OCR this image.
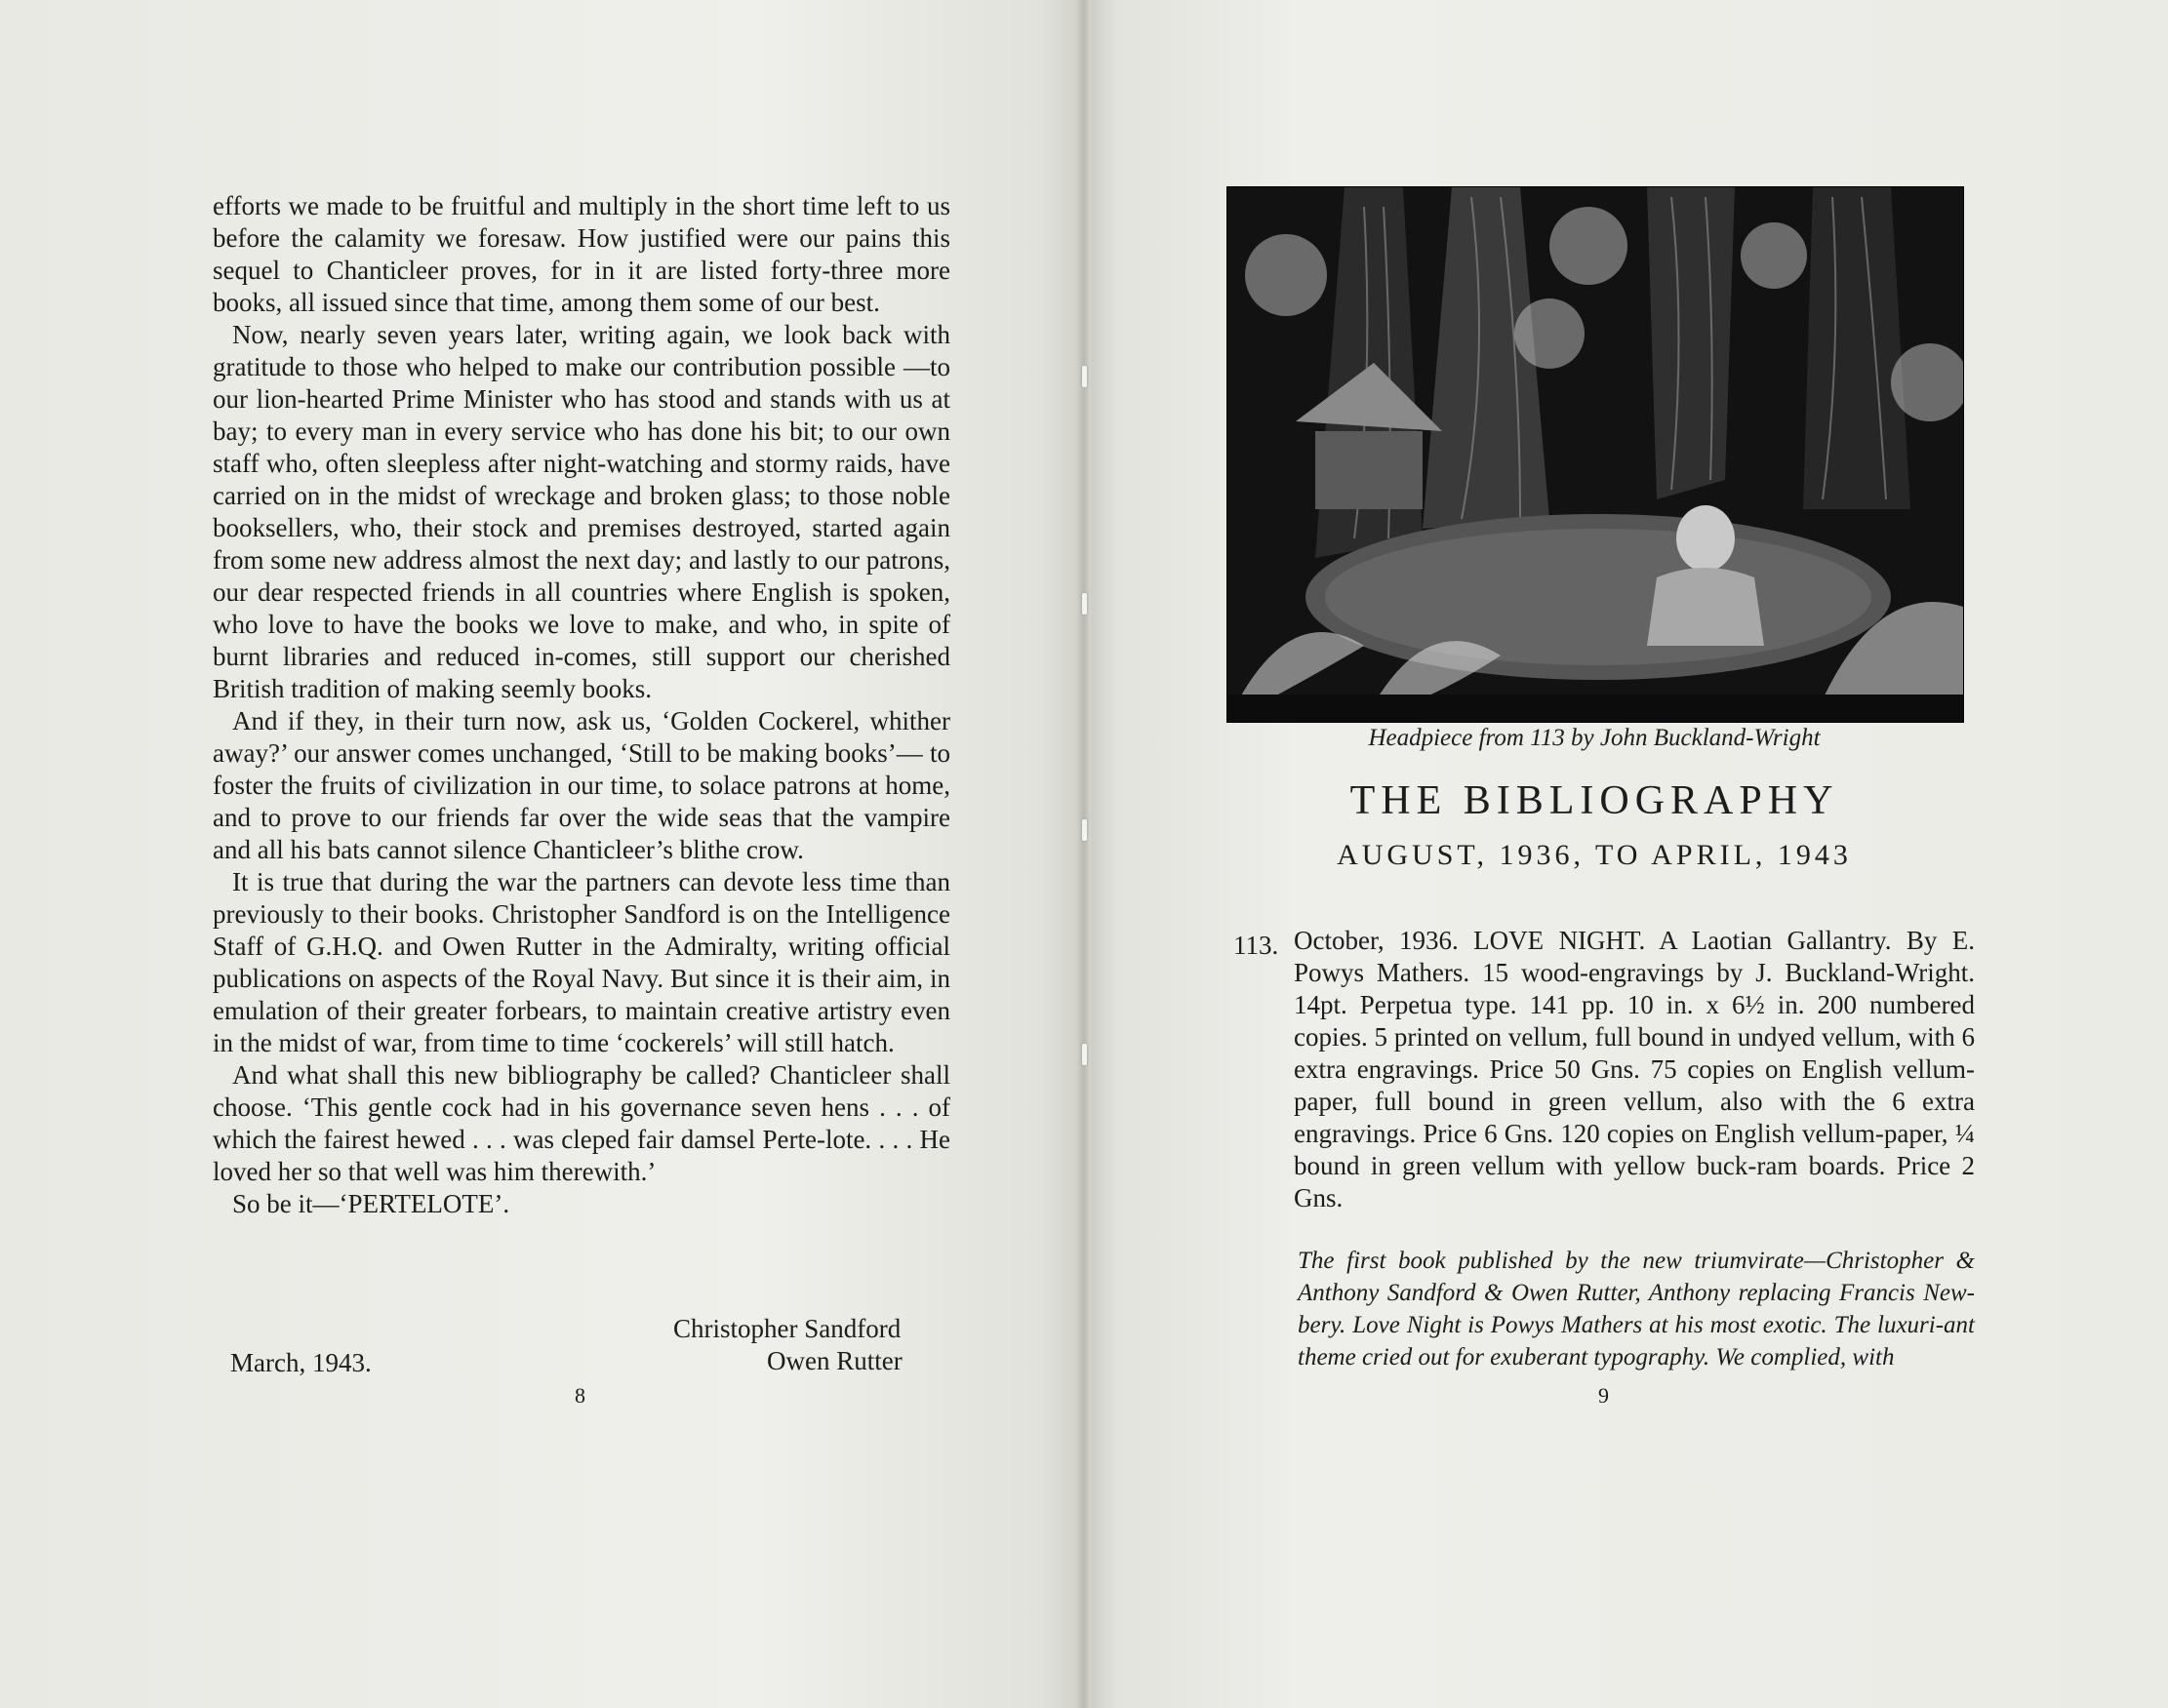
efforts we made to be fruitful and multiply in the short time left to us before the calamity we foresaw. How justified were our pains this sequel to Chanticleer proves, for in it are listed forty-three more books, all issued since that time, among them some of our best.

Now, nearly seven years later, writing again, we look back with gratitude to those who helped to make our contribution possible —to our lion-hearted Prime Minister who has stood and stands with us at bay; to every man in every service who has done his bit; to our own staff who, often sleepless after night-watching and stormy raids, have carried on in the midst of wreckage and broken glass; to those noble booksellers, who, their stock and premises destroyed, started again from some new address almost the next day; and lastly to our patrons, our dear respected friends in all countries where English is spoken, who love to have the books we love to make, and who, in spite of burnt libraries and reduced in-comes, still support our cherished British tradition of making seemly books.

And if they, in their turn now, ask us, ‘Golden Cockerel, whither away?’ our answer comes unchanged, ‘Still to be making books’— to foster the fruits of civilization in our time, to solace patrons at home, and to prove to our friends far over the wide seas that the vampire and all his bats cannot silence Chanticleer’s blithe crow.

It is true that during the war the partners can devote less time than previously to their books. Christopher Sandford is on the Intelligence Staff of G.H.Q. and Owen Rutter in the Admiralty, writing official publications on aspects of the Royal Navy. But since it is their aim, in emulation of their greater forbears, to maintain creative artistry even in the midst of war, from time to time ‘cockerels’ will still hatch.

And what shall this new bibliography be called? Chanticleer shall choose. ‘This gentle cock had in his governance seven hens . . . of which the fairest hewed . . . was cleped fair damsel Perte-lote. . . . He loved her so that well was him therewith.’

So be it—‘PERTELOTE’.

Christopher Sandford
Owen Rutter
March, 1943.
8
Headpiece from 113 by John Buckland-Wright
THE BIBLIOGRAPHY
AUGUST, 1936, TO APRIL, 1943
113. October, 1936. LOVE NIGHT. A Laotian Gallantry. By E. Powys Mathers. 15 wood-engravings by J. Buckland-Wright. 14pt. Perpetua type. 141 pp. 10 in. x 6½ in. 200 numbered copies. 5 printed on vellum, full bound in undyed vellum, with 6 extra engravings. Price 50 Gns. 75 copies on English vellum-paper, full bound in green vellum, also with the 6 extra engravings. Price 6 Gns. 120 copies on English vellum-paper, ¼ bound in green vellum with yellow buck-ram boards. Price 2 Gns.

The first book published by the new triumvirate—Christopher & Anthony Sandford & Owen Rutter, Anthony replacing Francis New-bery. Love Night is Powys Mathers at his most exotic. The luxuri-ant theme cried out for exuberant typography. We complied, with

9
